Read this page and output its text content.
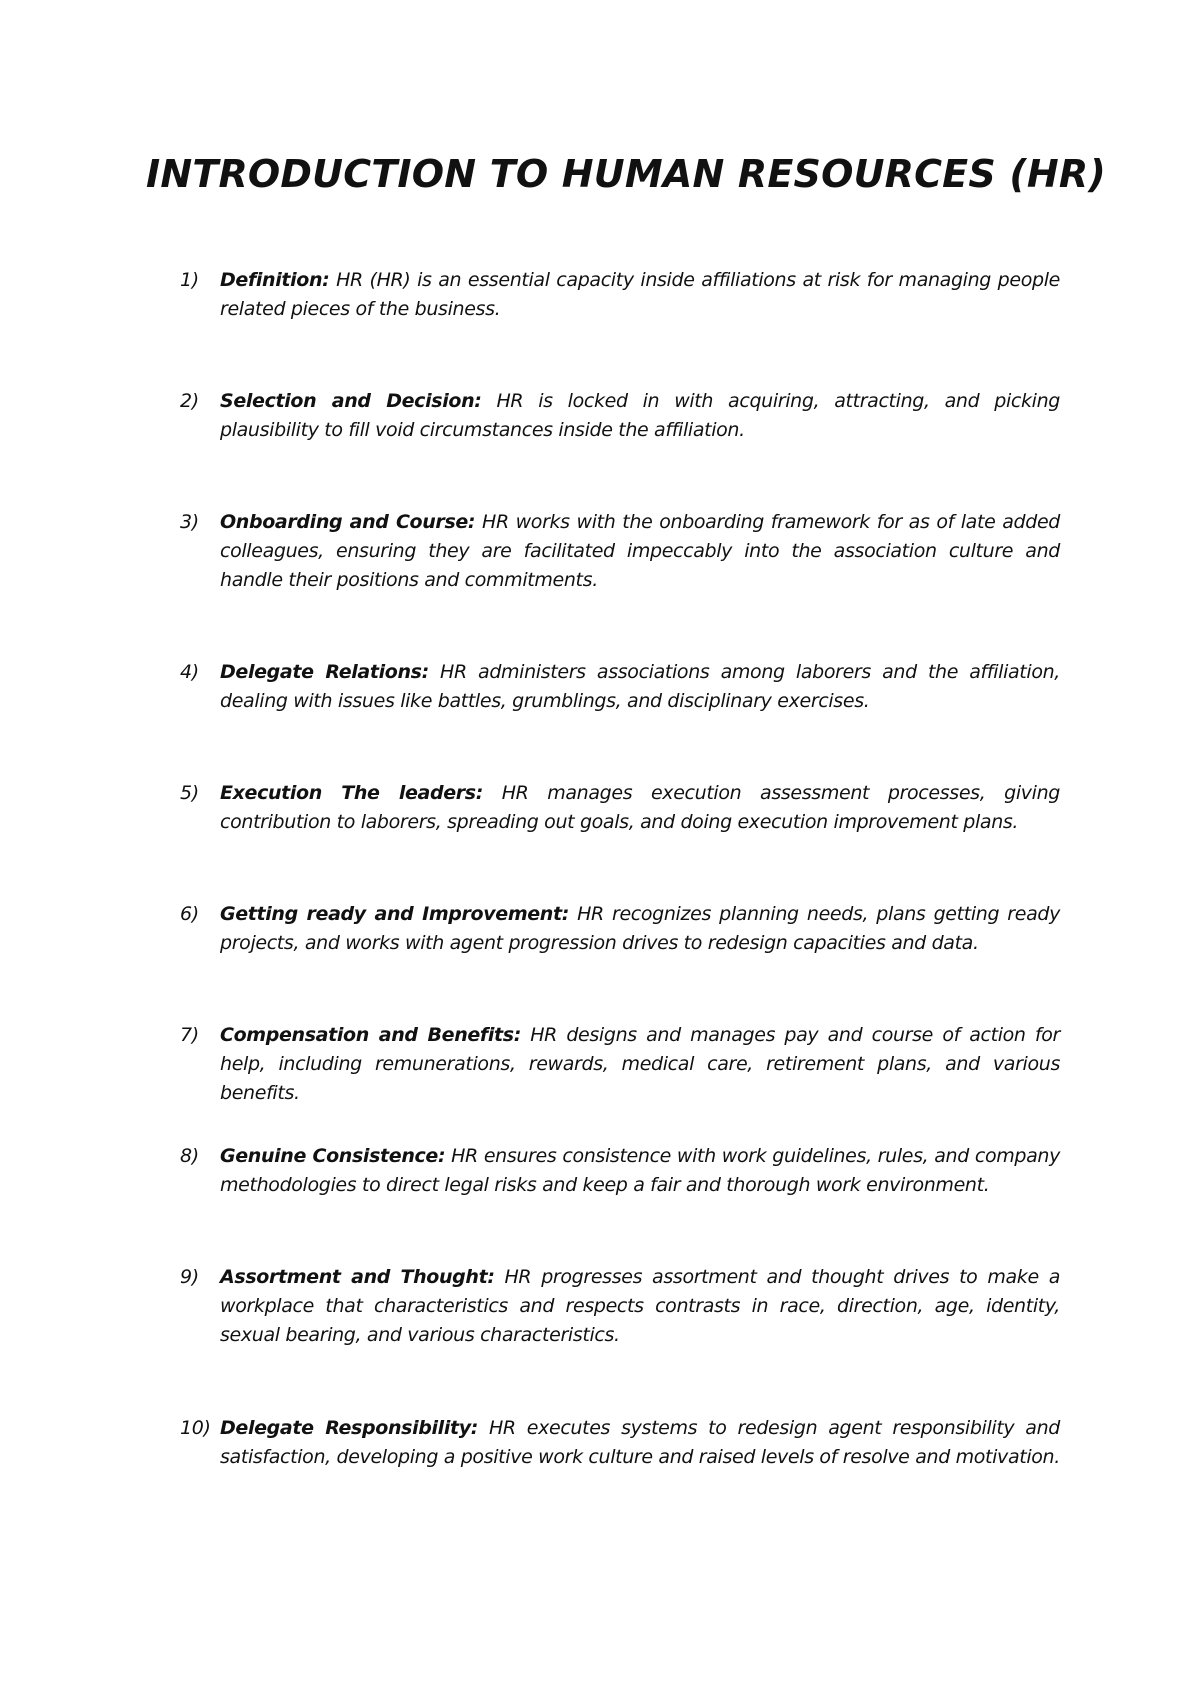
INTRODUCTION TO HUMAN RESOURCES (HR)
1)	Definition: HR (HR) is an essential capacity inside affiliations at risk for managing people related pieces of the business.
2)	Selection and Decision: HR is locked in with acquiring, attracting, and picking plausibility to fill void circumstances inside the affiliation.
3)	Onboarding and Course: HR works with the onboarding framework for as of late added colleagues, ensuring they are facilitated impeccably into the association culture and handle their positions and commitments.
4)	Delegate Relations: HR administers associations among laborers and the affiliation, dealing with issues like battles, grumblings, and disciplinary exercises.
5)	Execution The leaders: HR manages execution assessment processes, giving contribution to laborers, spreading out goals, and doing execution improvement plans.
6)	Getting ready and Improvement: HR recognizes planning needs, plans getting ready projects, and works with agent progression drives to redesign capacities and data.
7)	Compensation and Benefits: HR designs and manages pay and course of action for help, including remunerations, rewards, medical care, retirement plans, and various benefits.
8)	Genuine Consistence: HR ensures consistence with work guidelines, rules, and company methodologies to direct legal risks and keep a fair and thorough work environment.
9)	Assortment and Thought: HR progresses assortment and thought drives to make a workplace that characteristics and respects contrasts in race, direction, age, identity, sexual bearing, and various characteristics.
10) Delegate Responsibility: HR executes systems to redesign agent responsibility and satisfaction, developing a positive work culture and raised levels of resolve and motivation.
